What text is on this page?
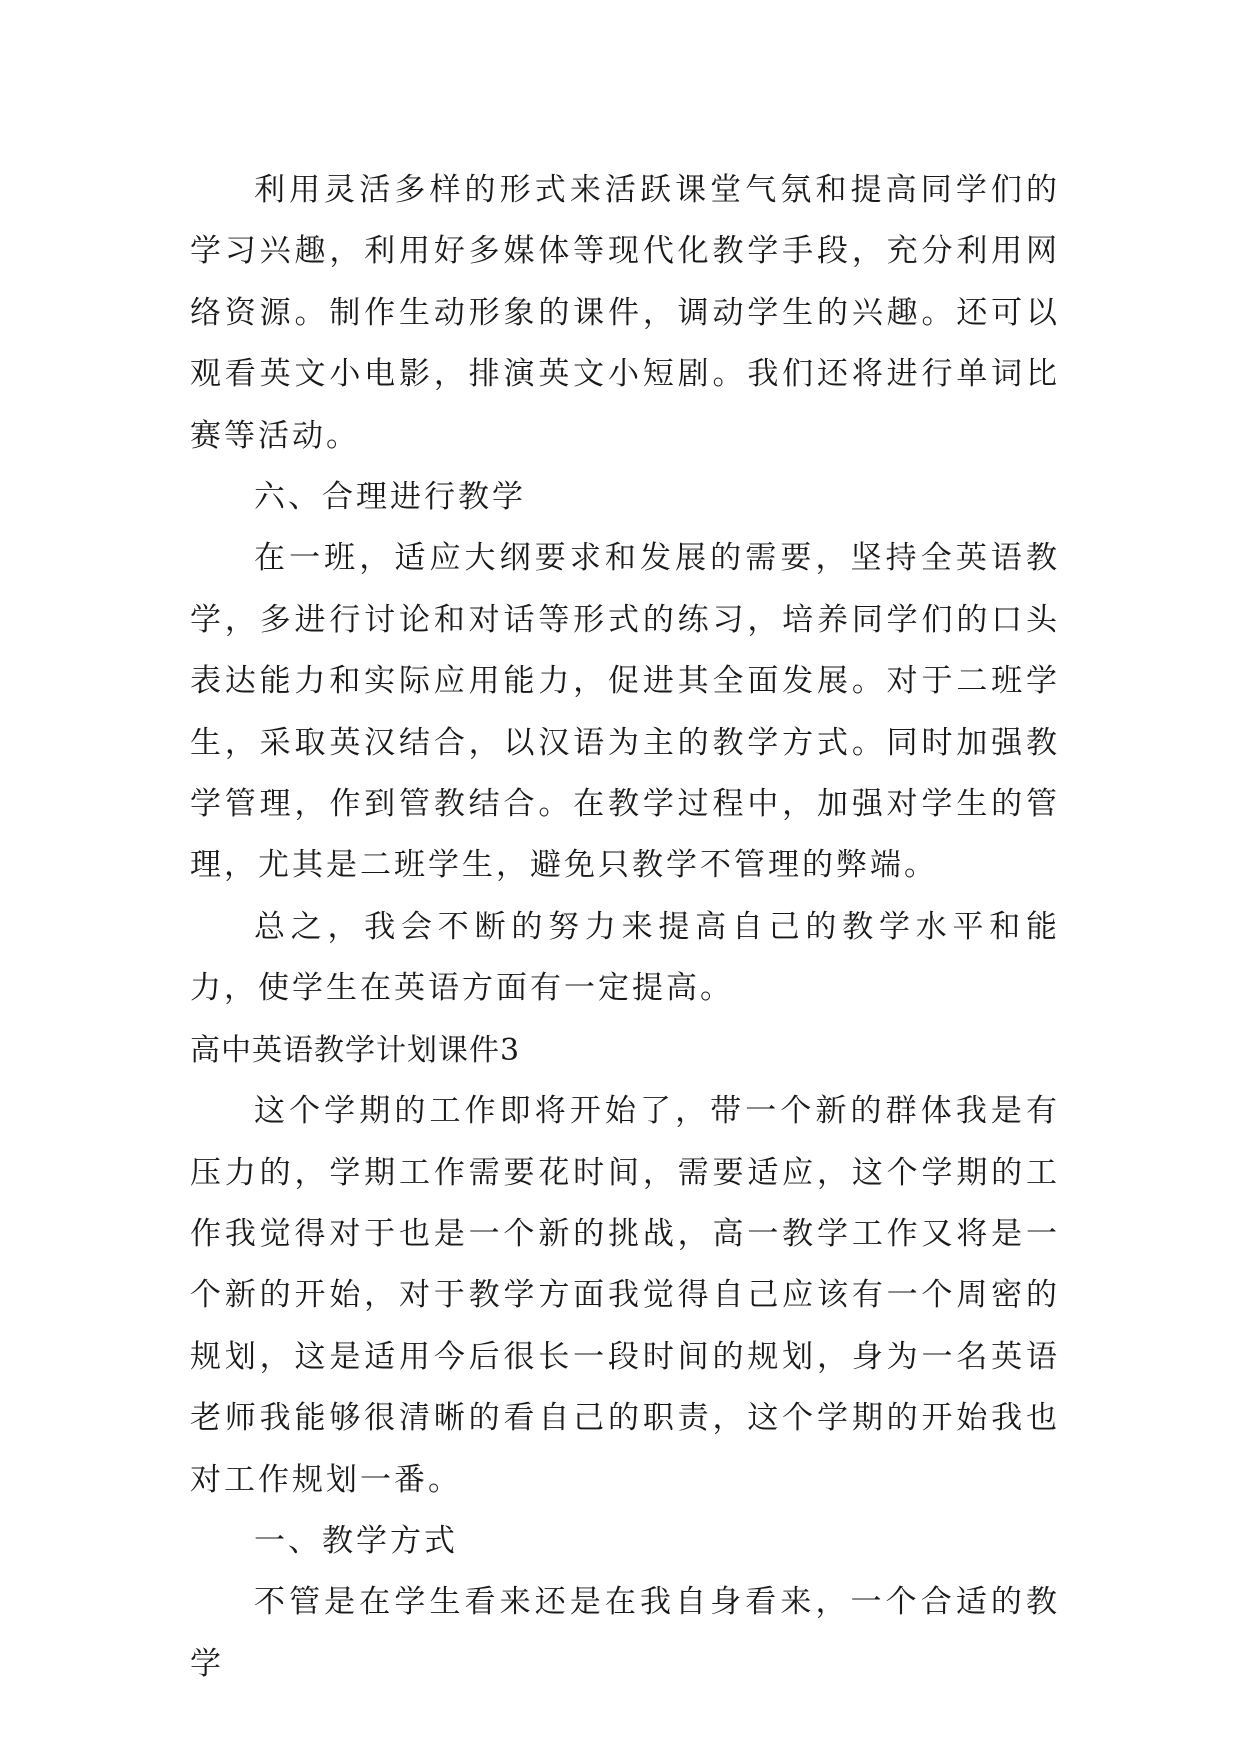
利用灵活多样的形式来活跃课堂气氛和提高同学们的学习兴趣，利用好多媒体等现代化教学手段，充分利用网络资源。制作生动形象的课件，调动学生的兴趣。还可以观看英文小电影，排演英文小短剧。我们还将进行单词比赛等活动。

六、合理进行教学

在一班，适应大纲要求和发展的需要，坚持全英语教学，多进行讨论和对话等形式的练习，培养同学们的口头表达能力和实际应用能力，促进其全面发展。对于二班学生，采取英汉结合，以汉语为主的教学方式。同时加强教学管理，作到管教结合。在教学过程中，加强对学生的管理，尤其是二班学生，避免只教学不管理的弊端。

总之，我会不断的努力来提高自己的教学水平和能力，使学生在英语方面有一定提高。

高中英语教学计划课件3

这个学期的工作即将开始了，带一个新的群体我是有压力的，学期工作需要花时间，需要适应，这个学期的工作我觉得对于也是一个新的挑战，高一教学工作又将是一个新的开始，对于教学方面我觉得自己应该有一个周密的规划，这是适用今后很长一段时间的规划，身为一名英语老师我能够很清晰的看自己的职责，这个学期的开始我也对工作规划一番。

一、教学方式

不管是在学生看来还是在我自身看来，一个合适的教学
